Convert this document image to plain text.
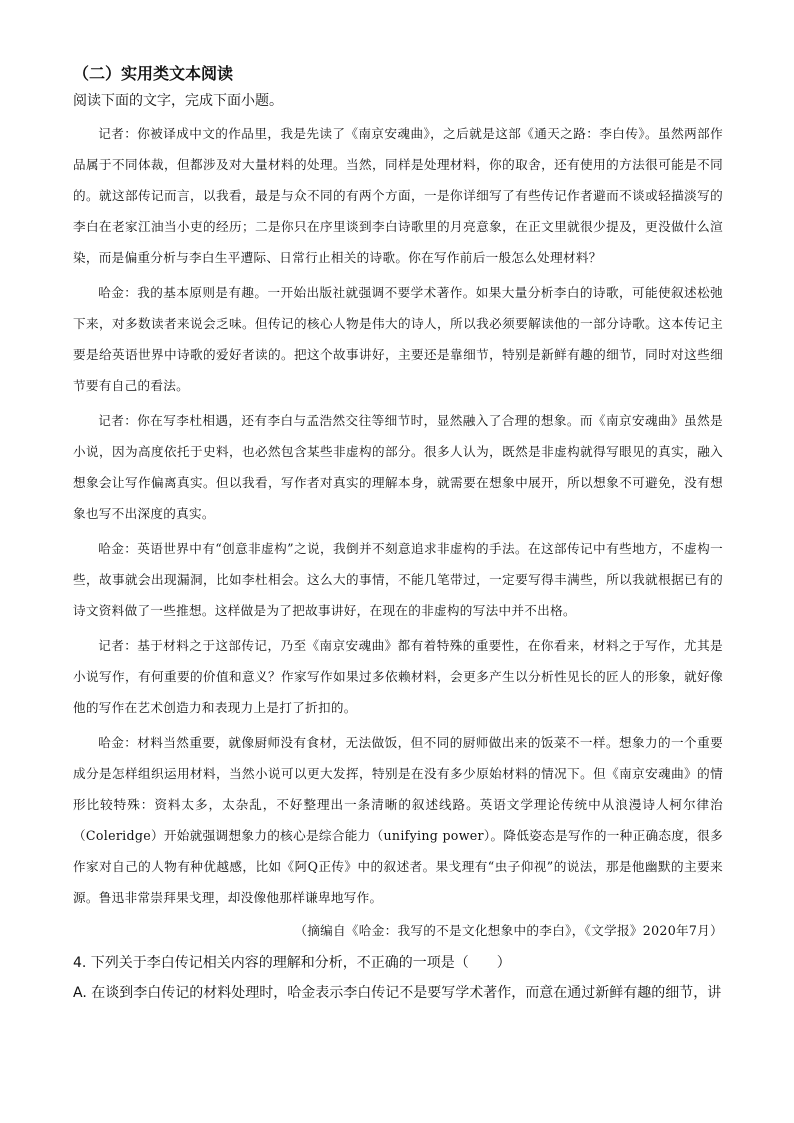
（二）实用类文本阅读

阅读下面的文字，完成下面小题。

记者：你被译成中文的作品里，我是先读了《南京安魂曲》，之后就是这部《通天之路：李白传》。虽然两部作品属于不同体裁，但都涉及对大量材料的处理。当然，同样是处理材料，你的取舍，还有使用的方法很可能是不同的。就这部传记而言，以我看，最是与众不同的有两个方面，一是你详细写了有些传记作者避而不谈或轻描淡写的李白在老家江油当小吏的经历；二是你只在序里谈到李白诗歌里的月亮意象，在正文里就很少提及，更没做什么渲染，而是偏重分析与李白生平遭际、日常行止相关的诗歌。你在写作前后一般怎么处理材料？

哈金：我的基本原则是有趣。一开始出版社就强调不要学术著作。如果大量分析李白的诗歌，可能使叙述松弛下来，对多数读者来说会乏味。但传记的核心人物是伟大的诗人，所以我必须要解读他的一部分诗歌。这本传记主要是给英语世界中诗歌的爱好者读的。把这个故事讲好，主要还是靠细节，特别是新鲜有趣的细节，同时对这些细节要有自己的看法。

记者：你在写李杜相遇，还有李白与孟浩然交往等细节时，显然融入了合理的想象。而《南京安魂曲》虽然是小说，因为高度依托于史料，也必然包含某些非虚构的部分。很多人认为，既然是非虚构就得写眼见的真实，融入想象会让写作偏离真实。但以我看，写作者对真实的理解本身，就需要在想象中展开，所以想象不可避免，没有想象也写不出深度的真实。

哈金：英语世界中有“创意非虚构”之说，我倒并不刻意追求非虚构的手法。在这部传记中有些地方，不虚构一些，故事就会出现漏洞，比如李杜相会。这么大的事情，不能几笔带过，一定要写得丰满些，所以我就根据已有的诗文资料做了一些推想。这样做是为了把故事讲好，在现在的非虚构的写法中并不出格。

记者：基于材料之于这部传记，乃至《南京安魂曲》都有着特殊的重要性，在你看来，材料之于写作，尤其是小说写作，有何重要的价值和意义？作家写作如果过多依赖材料，会更多产生以分析性见长的匠人的形象，就好像他的写作在艺术创造力和表现力上是打了折扣的。

哈金：材料当然重要，就像厨师没有食材，无法做饭，但不同的厨师做出来的饭菜不一样。想象力的一个重要成分是怎样组织运用材料，当然小说可以更大发挥，特别是在没有多少原始材料的情况下。但《南京安魂曲》的情形比较特殊：资料太多，太杂乱，不好整理出一条清晰的叙述线路。英语文学理论传统中从浪漫诗人柯尔律治（Coleridge）开始就强调想象力的核心是综合能力（unifying power）。降低姿态是写作的一种正确态度，很多作家对自己的人物有种优越感，比如《阿Q正传》中的叙述者。果戈理有“虫子仰视”的说法，那是他幽默的主要来源。鲁迅非常崇拜果戈理，却没像他那样谦卑地写作。

（摘编自《哈金：我写的不是文化想象中的李白》，《文学报》2020年7月）

4. 下列关于李白传记相关内容的理解和分析，不正确的一项是（　　）

A. 在谈到李白传记的材料处理时，哈金表示李白传记不是要写学术著作，而意在通过新鲜有趣的细节，讲
